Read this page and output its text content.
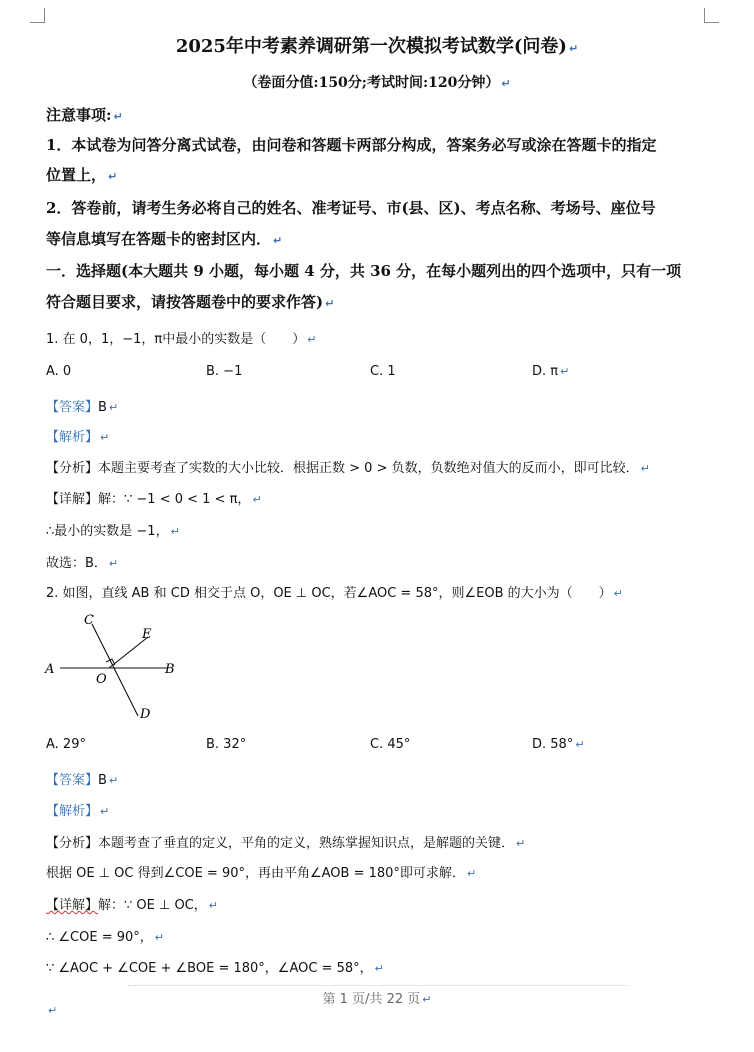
2025年中考素养调研第一次模拟考试数学(问卷) ↵
（卷面分值:150分;考试时间:120分钟） ↵
注意事项: ↵
1．本试卷为问答分离式试卷，由问卷和答题卡两部分构成，答案务必写或涂在答题卡的指定
位置上， ↵
2．答卷前，请考生务必将自己的姓名、准考证号、市(县、区)、考点名称、考场号、座位号
等信息填写在答题卡的密封区内． ↵
一．选择题(本大题共 9 小题，每小题 4 分，共 36 分，在每小题列出的四个选项中，只有一项
符合题目要求，请按答题卷中的要求作答) ↵
1. 在 0，1，−1，π中最小的实数是（　　） ↵
A. 0	B. −1	C. 1	D. π ↵
【答案】B ↵
【解析】 ↵
【分析】本题主要考查了实数的大小比较．根据正数 > 0 > 负数，负数绝对值大的反而小，即可比较． ↵
【详解】解：∵ −1 < 0 < 1 < π， ↵
∴最小的实数是 −1， ↵
故选：B． ↵
2. 如图，直线 AB 和 CD 相交于点 O，OE ⊥ OC，若∠AOC = 58°，则∠EOB 的大小为（　　） ↵
C
E
A	B
O
D
A. 29°	B. 32°	C. 45°	D. 58° ↵
【答案】B ↵
【解析】 ↵
【分析】本题考查了垂直的定义，平角的定义，熟练掌握知识点，是解题的关键． ↵
根据 OE ⊥ OC 得到∠COE = 90°，再由平角∠AOB = 180°即可求解． ↵
【详解】解：∵ OE ⊥ OC， ↵
∴ ∠COE = 90°， ↵
∵ ∠AOC + ∠COE + ∠BOE = 180°，∠AOC = 58°， ↵
第 1 页/共 22 页 ↵
↵
